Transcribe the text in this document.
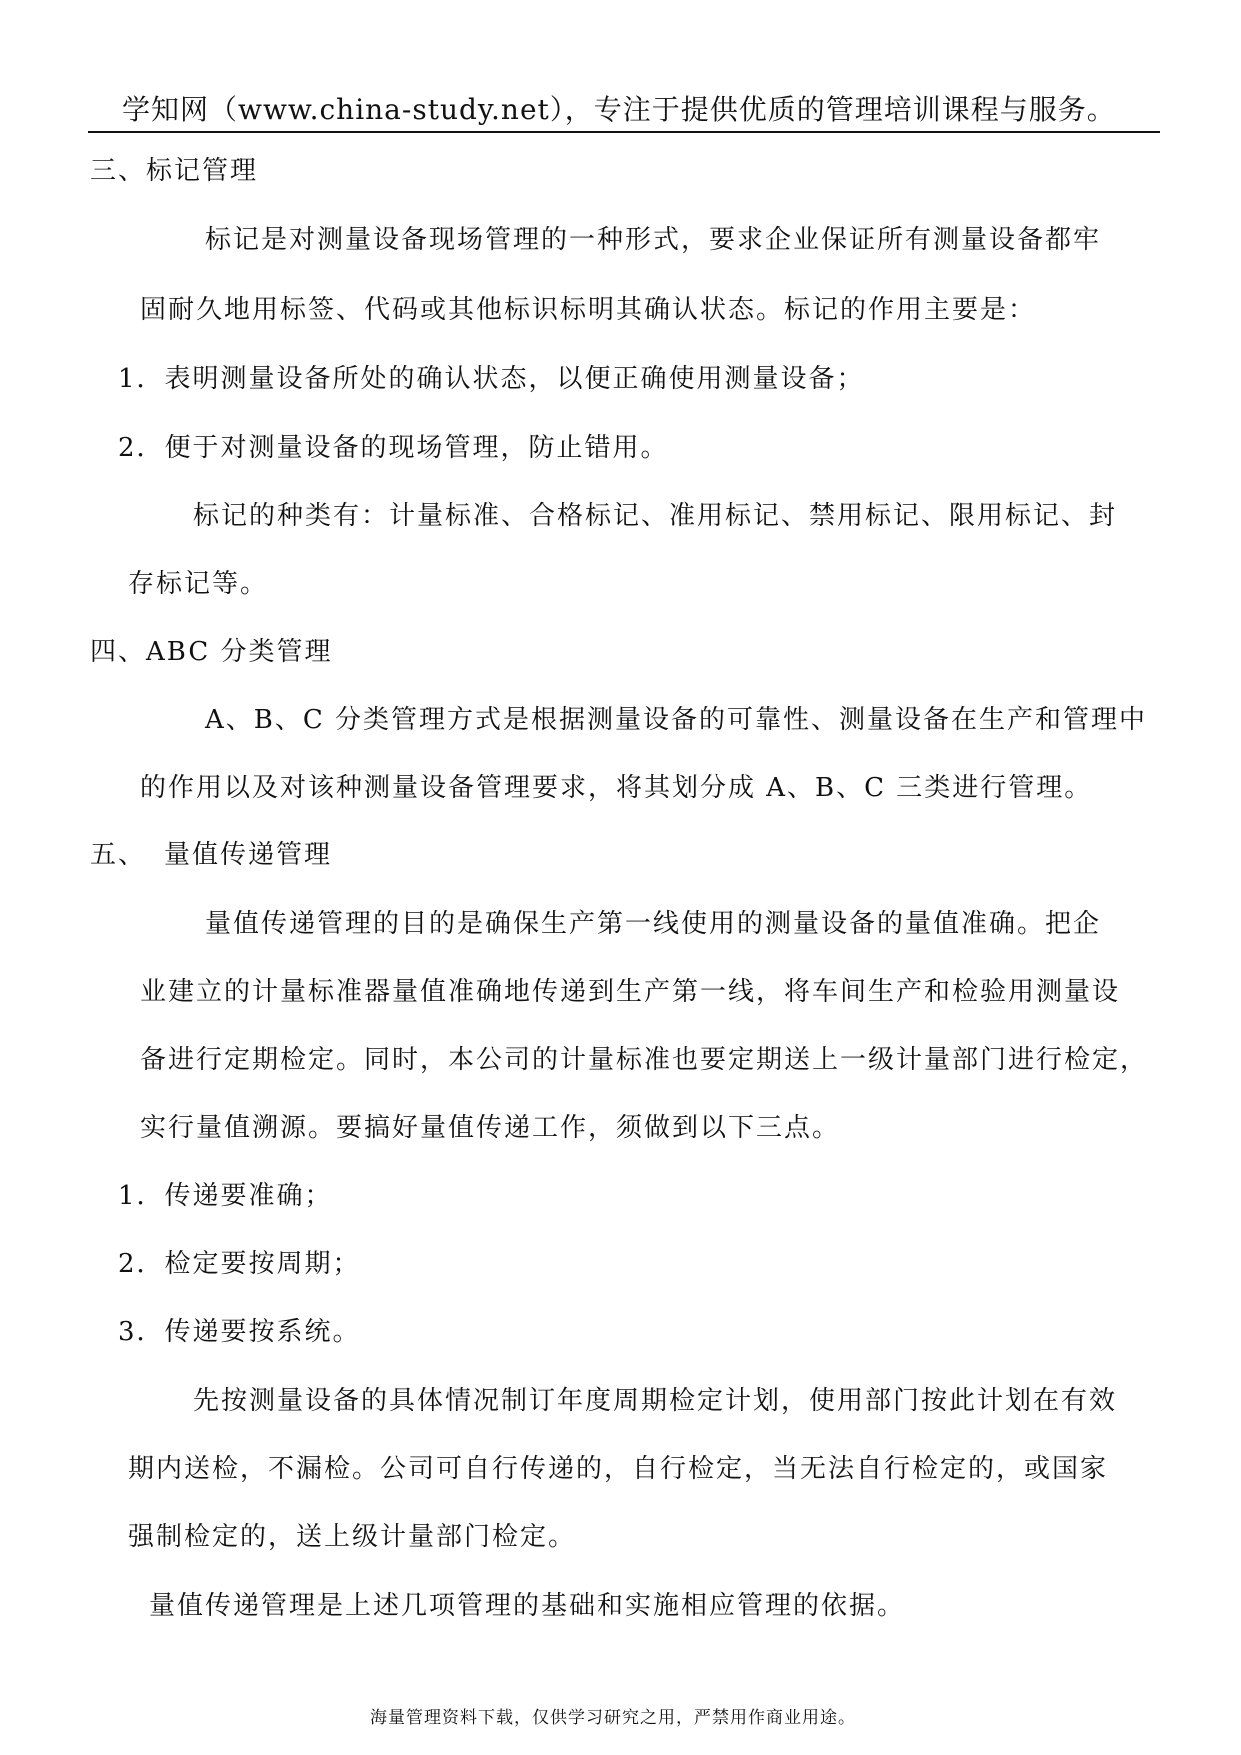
学知网（www.china-study.net），专注于提供优质的管理培训课程与服务。
三、标记管理
标记是对测量设备现场管理的一种形式，要求企业保证所有测量设备都牢
固耐久地用标签、代码或其他标识标明其确认状态。标记的作用主要是：
1．表明测量设备所处的确认状态，以便正确使用测量设备；
2．便于对测量设备的现场管理，防止错用。
标记的种类有：计量标准、合格标记、准用标记、禁用标记、限用标记、封
存标记等。
四、ABC 分类管理
A、B、C 分类管理方式是根据测量设备的可靠性、测量设备在生产和管理中
的作用以及对该种测量设备管理要求，将其划分成 A、B、C 三类进行管理。
五、 量值传递管理
量值传递管理的目的是确保生产第一线使用的测量设备的量值准确。把企
业建立的计量标准器量值准确地传递到生产第一线，将车间生产和检验用测量设
备进行定期检定。同时，本公司的计量标准也要定期送上一级计量部门进行检定，
实行量值溯源。要搞好量值传递工作，须做到以下三点。
1．传递要准确；
2．检定要按周期；
3．传递要按系统。
先按测量设备的具体情况制订年度周期检定计划，使用部门按此计划在有效
期内送检，不漏检。公司可自行传递的，自行检定，当无法自行检定的，或国家
强制检定的，送上级计量部门检定。
量值传递管理是上述几项管理的基础和实施相应管理的依据。
海量管理资料下载，仅供学习研究之用，严禁用作商业用途。
